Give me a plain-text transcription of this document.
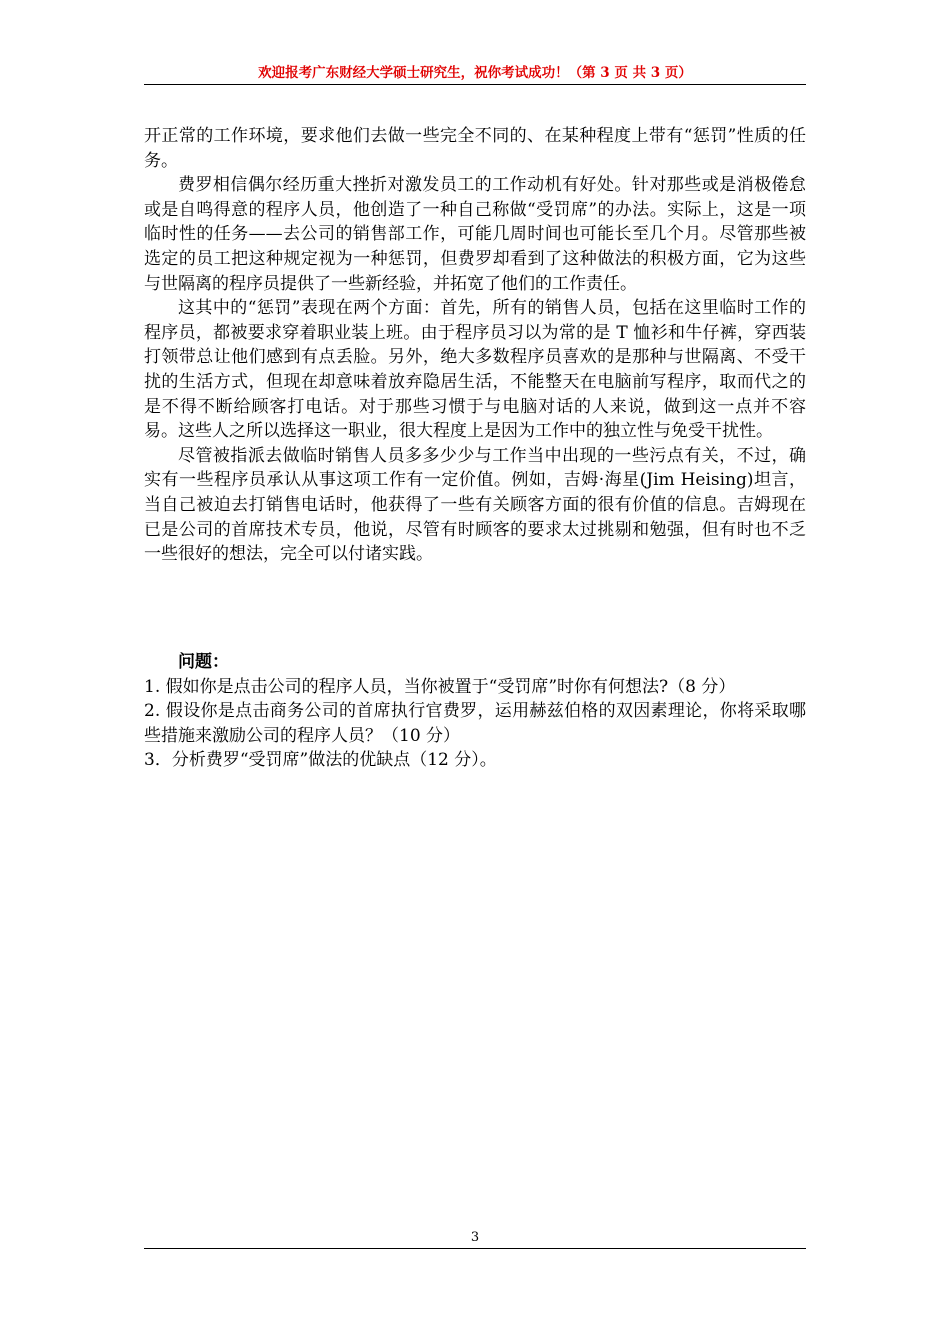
欢迎报考广东财经大学硕士研究生，祝你考试成功！（第 3 页 共 3 页）

开正常的工作环境，要求他们去做一些完全不同的、在某种程度上带有“惩罚”性质的任务。

费罗相信偶尔经历重大挫折对激发员工的工作动机有好处。针对那些或是消极倦怠或是自鸣得意的程序人员，他创造了一种自己称做“受罚席”的办法。实际上，这是一项临时性的任务——去公司的销售部工作，可能几周时间也可能长至几个月。尽管那些被选定的员工把这种规定视为一种惩罚，但费罗却看到了这种做法的积极方面，它为这些与世隔离的程序员提供了一些新经验，并拓宽了他们的工作责任。

这其中的“惩罚”表现在两个方面：首先，所有的销售人员，包括在这里临时工作的程序员，都被要求穿着职业装上班。由于程序员习以为常的是 T 恤衫和牛仔裤，穿西装打领带总让他们感到有点丢脸。另外，绝大多数程序员喜欢的是那种与世隔离、不受干扰的生活方式，但现在却意味着放弃隐居生活，不能整天在电脑前写程序，取而代之的是不得不断给顾客打电话。对于那些习惯于与电脑对话的人来说，做到这一点并不容易。这些人之所以选择这一职业，很大程度上是因为工作中的独立性与免受干扰性。

尽管被指派去做临时销售人员多多少少与工作当中出现的一些污点有关，不过，确实有一些程序员承认从事这项工作有一定价值。例如，吉姆·海星(Jim Heising)坦言，当自己被迫去打销售电话时，他获得了一些有关顾客方面的很有价值的信息。吉姆现在已是公司的首席技术专员，他说，尽管有时顾客的要求太过挑剔和勉强，但有时也不乏一些很好的想法，完全可以付诸实践。

问题：

1. 假如你是点击公司的程序人员，当你被置于“受罚席”时你有何想法?（8 分）

2. 假设你是点击商务公司的首席执行官费罗，运用赫兹伯格的双因素理论，你将采取哪些措施来激励公司的程序人员？（10 分）

3．分析费罗“受罚席”做法的优缺点（12 分）。

3
